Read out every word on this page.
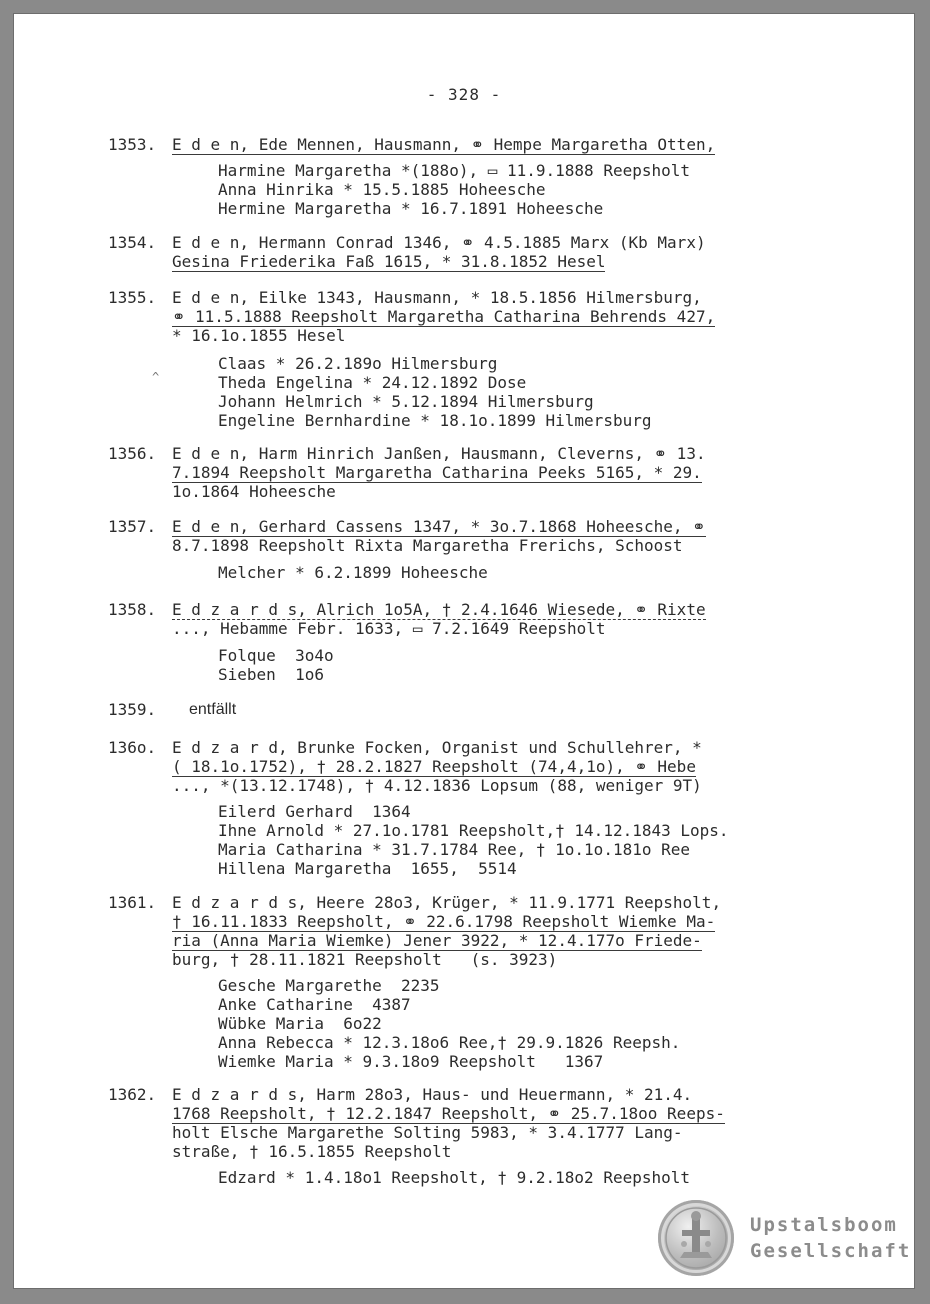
- 328 -
1353. E d e n, Ede Mennen, Hausmann, ⚭ Hempe Margaretha Otten,
Harmine Margaretha *(188o), ▭ 11.9.1888 Reepsholt
Anna Hinrika * 15.5.1885 Hoheesche
Hermine Margaretha * 16.7.1891 Hoheesche
1354. E d e n, Hermann Conrad 1346, ⚭ 4.5.1885 Marx (Kb Marx)
Gesina Friederika Faß 1615, * 31.8.1852 Hesel
1355. E d e n, Eilke 1343, Hausmann, * 18.5.1856 Hilmersburg,
⚭ 11.5.1888 Reepsholt Margaretha Catharina Behrends 427,
* 16.1o.1855 Hesel
Claas * 26.2.189o Hilmersburg
Theda Engelina * 24.12.1892 Dose
Johann Helmrich * 5.12.1894 Hilmersburg
Engeline Bernhardine * 18.1o.1899 Hilmersburg
1356. E d e n, Harm Hinrich Janßen, Hausmann, Cleverns, ⚭ 13.
7.1894 Reepsholt Margaretha Catharina Peeks 5165, * 29.
1o.1864 Hoheesche
1357. E d e n, Gerhard Cassens 1347, * 3o.7.1868 Hoheesche, ⚭
8.7.1898 Reepsholt Rixta Margaretha Frerichs, Schoost
Melcher * 6.2.1899 Hoheesche
1358. E d z a r d s, Alrich 1o5A, † 2.4.1646 Wiesede, ⚭ Rixte
..., Hebamme Febr. 1633, ▭ 7.2.1649 Reepsholt
Folque  3o4o
Sieben  1o6
1359. entfällt
136o. E d z a r d, Brunke Focken, Organist und Schullehrer, *
( 18.1o.1752), † 28.2.1827 Reepsholt (74,4,1o), ⚭ Hebe
..., *(13.12.1748), † 4.12.1836 Lopsum (88, weniger 9T)
Eilerd Gerhard  1364
Ihne Arnold * 27.1o.1781 Reepsholt,† 14.12.1843 Lops.
Maria Catharina * 31.7.1784 Ree, † 1o.1o.181o Ree
Hillena Margaretha  1655,  5514
1361. E d z a r d s, Heere 28o3, Krüger, * 11.9.1771 Reepsholt,
† 16.11.1833 Reepsholt, ⚭ 22.6.1798 Reepsholt Wiemke Ma-
ria (Anna Maria Wiemke) Jener 3922, * 12.4.177o Friede-
burg, † 28.11.1821 Reepsholt   (s. 3923)
Gesche Margarethe  2235
Anke Catharine  4387
Wübke Maria  6o22
Anna Rebecca * 12.3.18o6 Ree,† 29.9.1826 Reepsh.
Wiemke Maria * 9.3.18o9 Reepsholt   1367
1362. E d z a r d s, Harm 28o3, Haus- und Heuermann, * 21.4.
1768 Reepsholt, † 12.2.1847 Reepsholt, ⚭ 25.7.18oo Reeps-
holt Elsche Margarethe Solting 5983, * 3.4.1777 Lang-
straße, † 16.5.1855 Reepsholt
Edzard * 1.4.18o1 Reepsholt, † 9.2.18o2 Reepsholt
^
Upstalsboom
Gesellschaft
